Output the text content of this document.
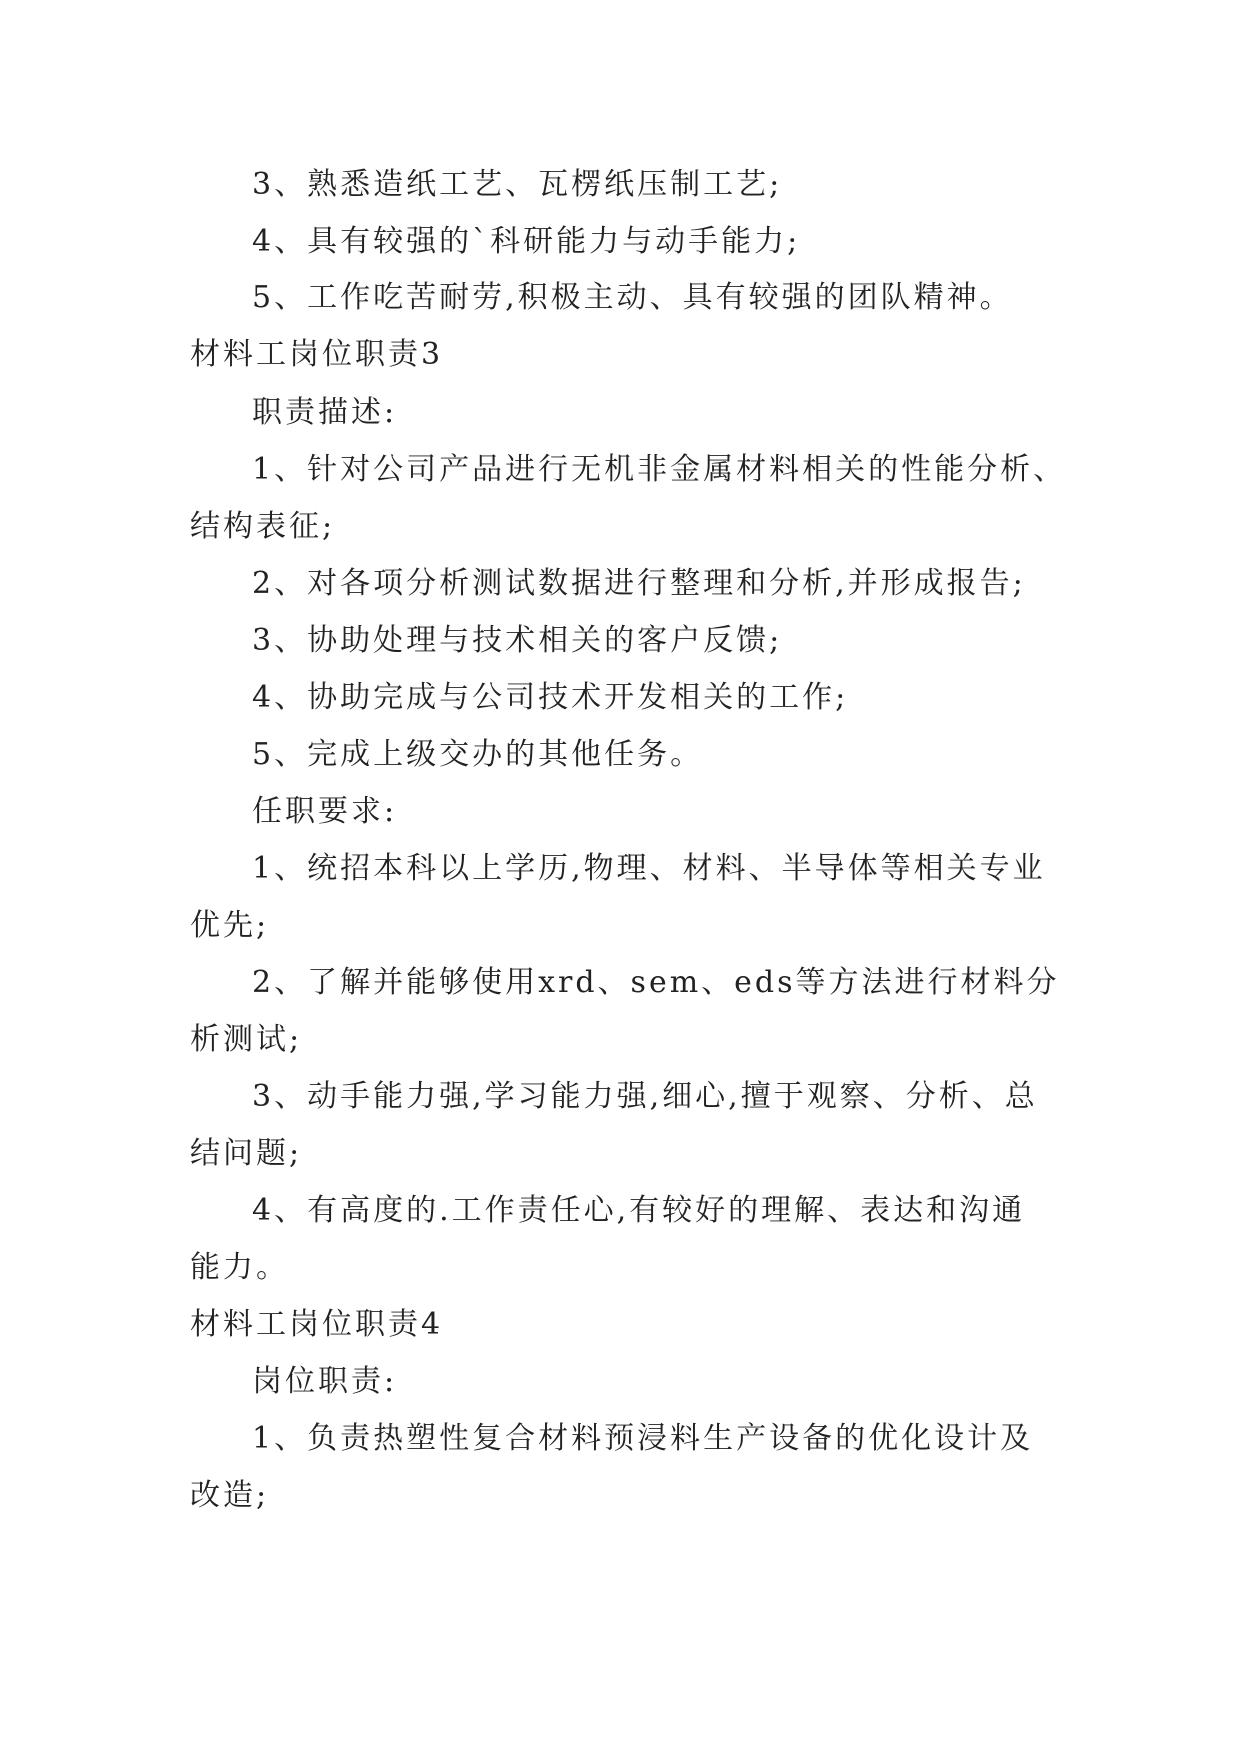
3、熟悉造纸工艺、瓦楞纸压制工艺;
4、具有较强的`科研能力与动手能力;
5、工作吃苦耐劳,积极主动、具有较强的团队精神。
材料工岗位职责3
职责描述:
1、针对公司产品进行无机非金属材料相关的性能分析、
结构表征;
2、对各项分析测试数据进行整理和分析,并形成报告;
3、协助处理与技术相关的客户反馈;
4、协助完成与公司技术开发相关的工作;
5、完成上级交办的其他任务。
任职要求:
1、统招本科以上学历,物理、材料、半导体等相关专业
优先;
2、了解并能够使用xrd、sem、eds等方法进行材料分
析测试;
3、动手能力强,学习能力强,细心,擅于观察、分析、总
结问题;
4、有高度的.工作责任心,有较好的理解、表达和沟通
能力。
材料工岗位职责4
岗位职责:
1、负责热塑性复合材料预浸料生产设备的优化设计及
改造;
